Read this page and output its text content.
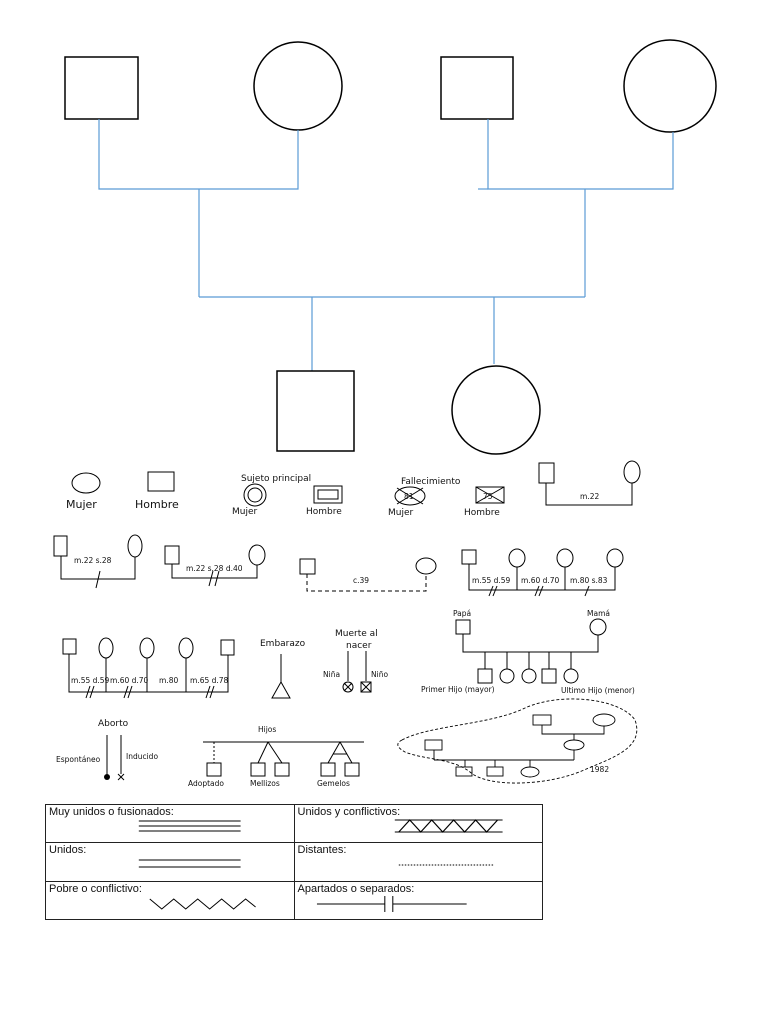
Mujer	Hombre
Sujeto principal
Mujer	Hombre
Fallecimiento
81	75
Mujer	Hombre
m.22
m.22 s.28
m.22 s.28 d.40
c.39	m.55 d.59 m.60 d.70 m.80 s.83
m.55 d.59 m.60 d.70 m.80 m.65 d.78
Embarazo
Muerte al
nacer
Niña	Niño
Papá	Mamá
Primer Hijo (mayor)	Ultimo Hijo (menor)
Aborto
Espontáneo	Inducido
Hijos
Adoptado	Mellizos	Gemelos
1982
Muy unidos o fusionados:	Unidos y conflictivos:

Unidos:	Distantes:

Pobre o conflictivo:	Apartados o separados:
